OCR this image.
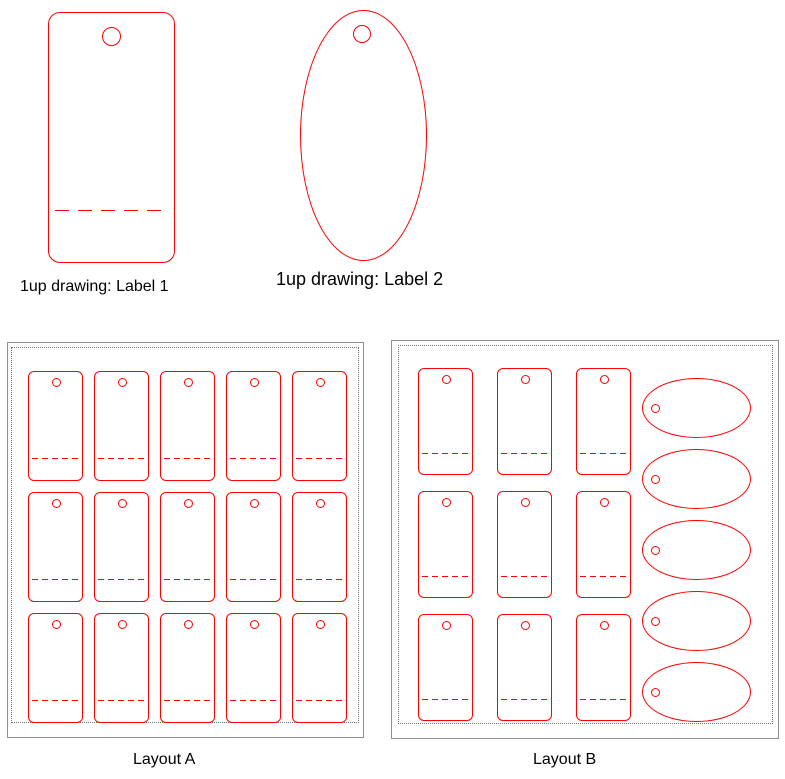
1up drawing: Label 1	1up drawing: Label 2
Layout A	Layout B
